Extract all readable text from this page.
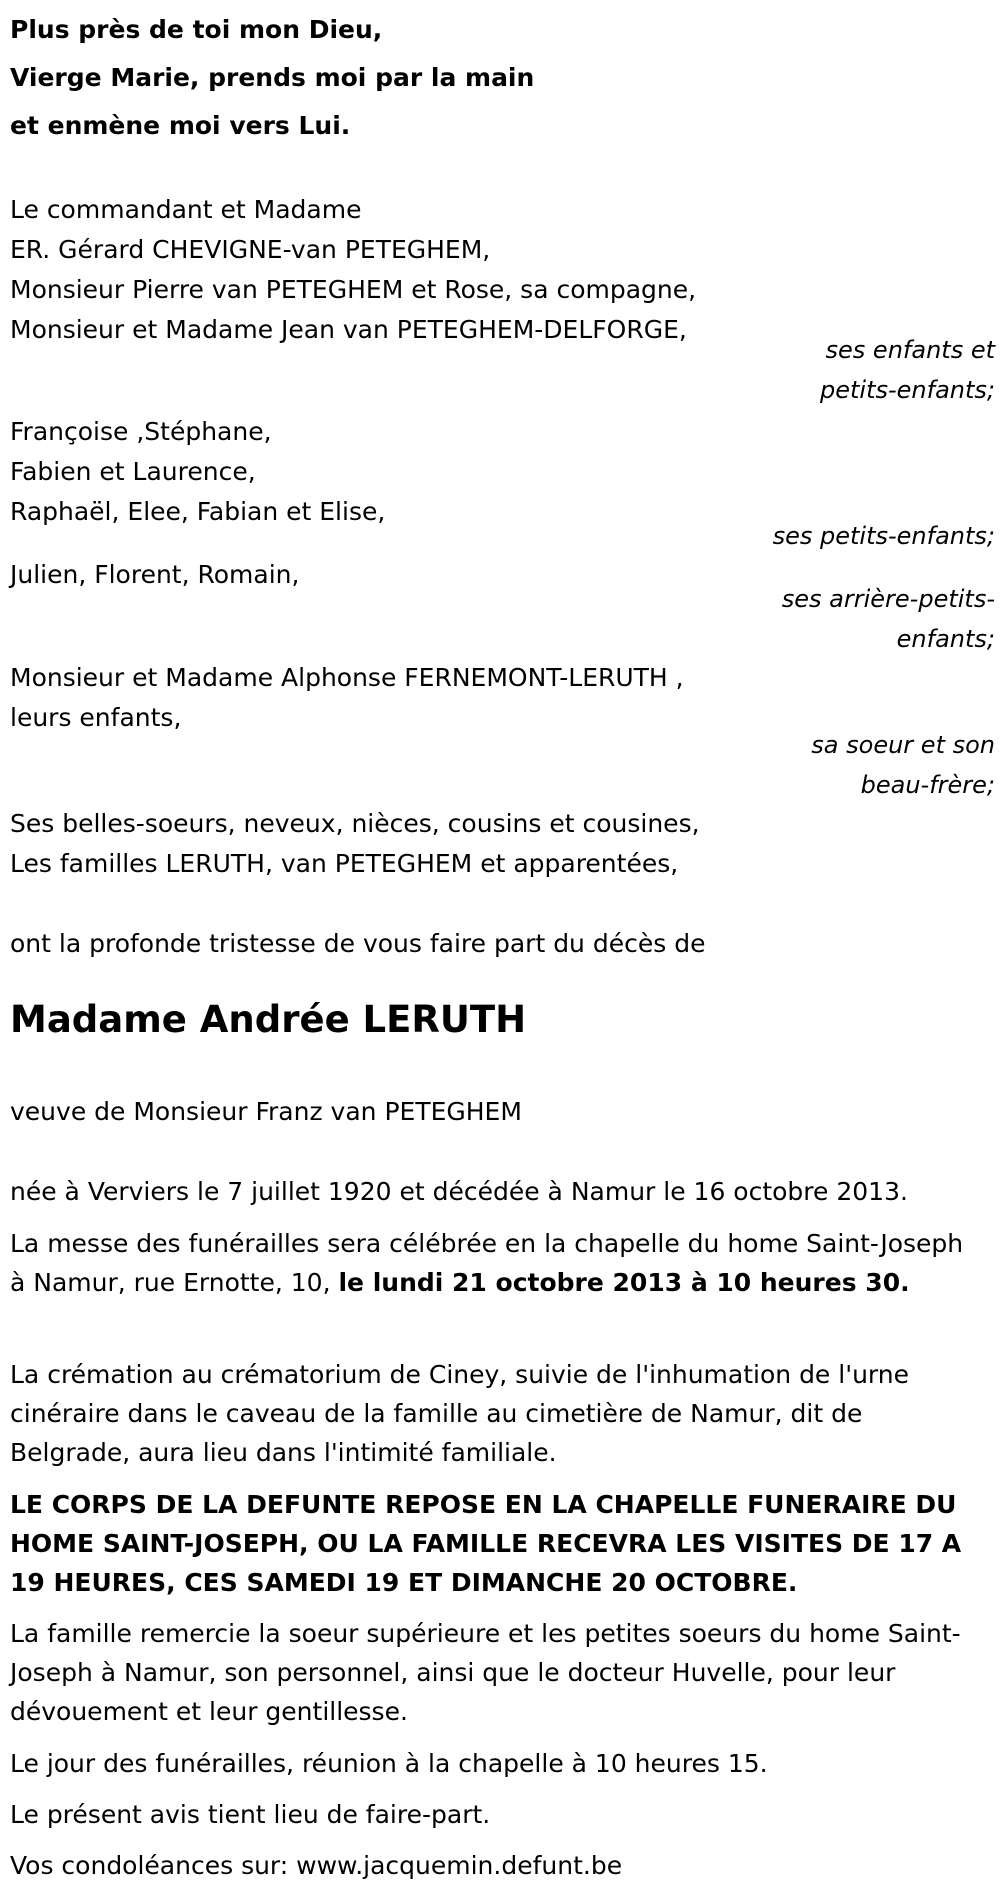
Plus près de toi mon Dieu,

Vierge Marie, prends moi par la main

et enmène moi vers Lui.

Le commandant et Madame
ER. Gérard CHEVIGNE-van PETEGHEM,
Monsieur Pierre van PETEGHEM et Rose, sa compagne,
Monsieur et Madame Jean van PETEGHEM-DELFORGE,
ses enfants et
petits-enfants;
Françoise ,Stéphane,
Fabien et Laurence,
Raphaël, Elee, Fabian et Elise,
ses petits-enfants;
Julien, Florent, Romain,
ses arrière-petits-
enfants;
Monsieur et Madame Alphonse FERNEMONT-LERUTH ,
leurs enfants,
sa soeur et son
beau-frère;
Ses belles-soeurs, neveux, nièces, cousins et cousines,
Les familles LERUTH, van PETEGHEM et apparentées,

ont la profonde tristesse de vous faire part du décès de

Madame Andrée LERUTH

veuve de Monsieur Franz van PETEGHEM

née à Verviers le 7 juillet 1920 et décédée à Namur le 16 octobre 2013.

La messe des funérailles sera célébrée en la chapelle du home Saint-Joseph à Namur, rue Ernotte, 10, le lundi 21 octobre 2013 à 10 heures 30.

La crémation au crématorium de Ciney, suivie de l'inhumation de l'urne cinéraire dans le caveau de la famille au cimetière de Namur, dit de Belgrade, aura lieu dans l'intimité familiale.

LE CORPS DE LA DEFUNTE REPOSE EN LA CHAPELLE FUNERAIRE DU HOME SAINT-JOSEPH, OU LA FAMILLE RECEVRA LES VISITES DE 17 A 19 HEURES, CES SAMEDI 19 ET DIMANCHE 20 OCTOBRE.

La famille remercie la soeur supérieure et les petites soeurs du home Saint-Joseph à Namur, son personnel, ainsi que le docteur Huvelle, pour leur dévouement et leur gentillesse.

Le jour des funérailles, réunion à la chapelle à 10 heures 15.

Le présent avis tient lieu de faire-part.

Vos condoléances sur: www.jacquemin.defunt.be
